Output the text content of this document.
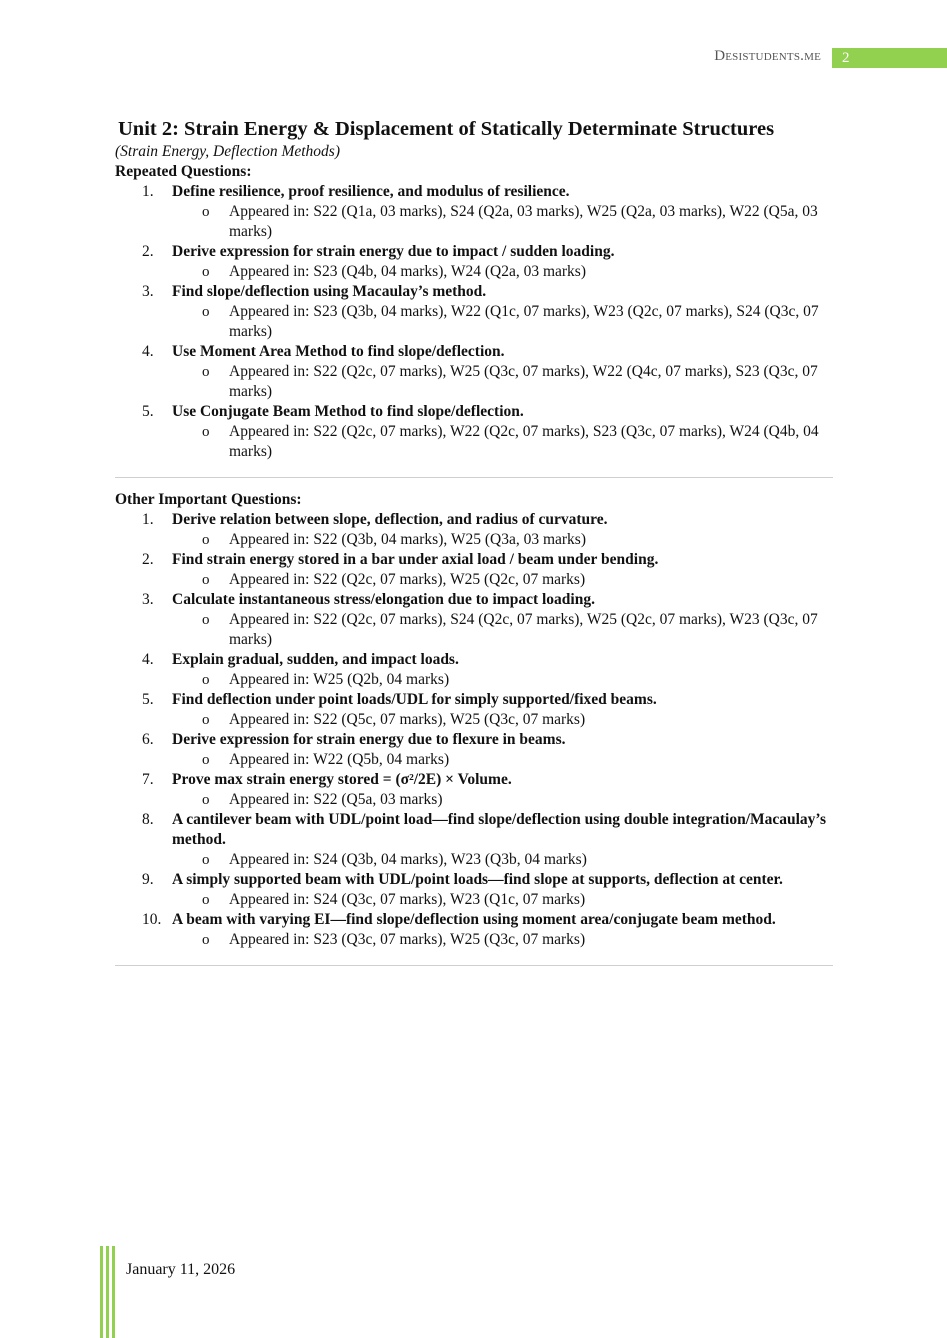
Desistudents.me	2
Unit 2: Strain Energy & Displacement of Statically Determinate Structures
(Strain Energy, Deflection Methods)
Repeated Questions:
1.	Define resilience, proof resilience, and modulus of resilience.
o Appeared in: S22 (Q1a, 03 marks), S24 (Q2a, 03 marks), W25 (Q2a, 03 marks), W22 (Q5a, 03 marks)
2.	Derive expression for strain energy due to impact / sudden loading.
o Appeared in: S23 (Q4b, 04 marks), W24 (Q2a, 03 marks)
3.	Find slope/deflection using Macaulay’s method.
o Appeared in: S23 (Q3b, 04 marks), W22 (Q1c, 07 marks), W23 (Q2c, 07 marks), S24 (Q3c, 07 marks)
4.	Use Moment Area Method to find slope/deflection.
o Appeared in: S22 (Q2c, 07 marks), W25 (Q3c, 07 marks), W22 (Q4c, 07 marks), S23 (Q3c, 07 marks)
5.	Use Conjugate Beam Method to find slope/deflection.
o Appeared in: S22 (Q2c, 07 marks), W22 (Q2c, 07 marks), S23 (Q3c, 07 marks), W24 (Q4b, 04 marks)
Other Important Questions:
1.	Derive relation between slope, deflection, and radius of curvature.
o Appeared in: S22 (Q3b, 04 marks), W25 (Q3a, 03 marks)
2.	Find strain energy stored in a bar under axial load / beam under bending.
o Appeared in: S22 (Q2c, 07 marks), W25 (Q2c, 07 marks)
3.	Calculate instantaneous stress/elongation due to impact loading.
o Appeared in: S22 (Q2c, 07 marks), S24 (Q2c, 07 marks), W25 (Q2c, 07 marks), W23 (Q3c, 07 marks)
4.	Explain gradual, sudden, and impact loads.
o Appeared in: W25 (Q2b, 04 marks)
5.	Find deflection under point loads/UDL for simply supported/fixed beams.
o Appeared in: S22 (Q5c, 07 marks), W25 (Q3c, 07 marks)
6.	Derive expression for strain energy due to flexure in beams.
o Appeared in: W22 (Q5b, 04 marks)
7.	Prove max strain energy stored = (σ²/2E) × Volume.
o Appeared in: S22 (Q5a, 03 marks)
8.	A cantilever beam with UDL/point load—find slope/deflection using double integration/Macaulay’s method.
o Appeared in: S24 (Q3b, 04 marks), W23 (Q3b, 04 marks)
9.	A simply supported beam with UDL/point loads—find slope at supports, deflection at center.
o Appeared in: S24 (Q3c, 07 marks), W23 (Q1c, 07 marks)
10. A beam with varying EI—find slope/deflection using moment area/conjugate beam method.
o Appeared in: S23 (Q3c, 07 marks), W25 (Q3c, 07 marks)
January 11, 2026
